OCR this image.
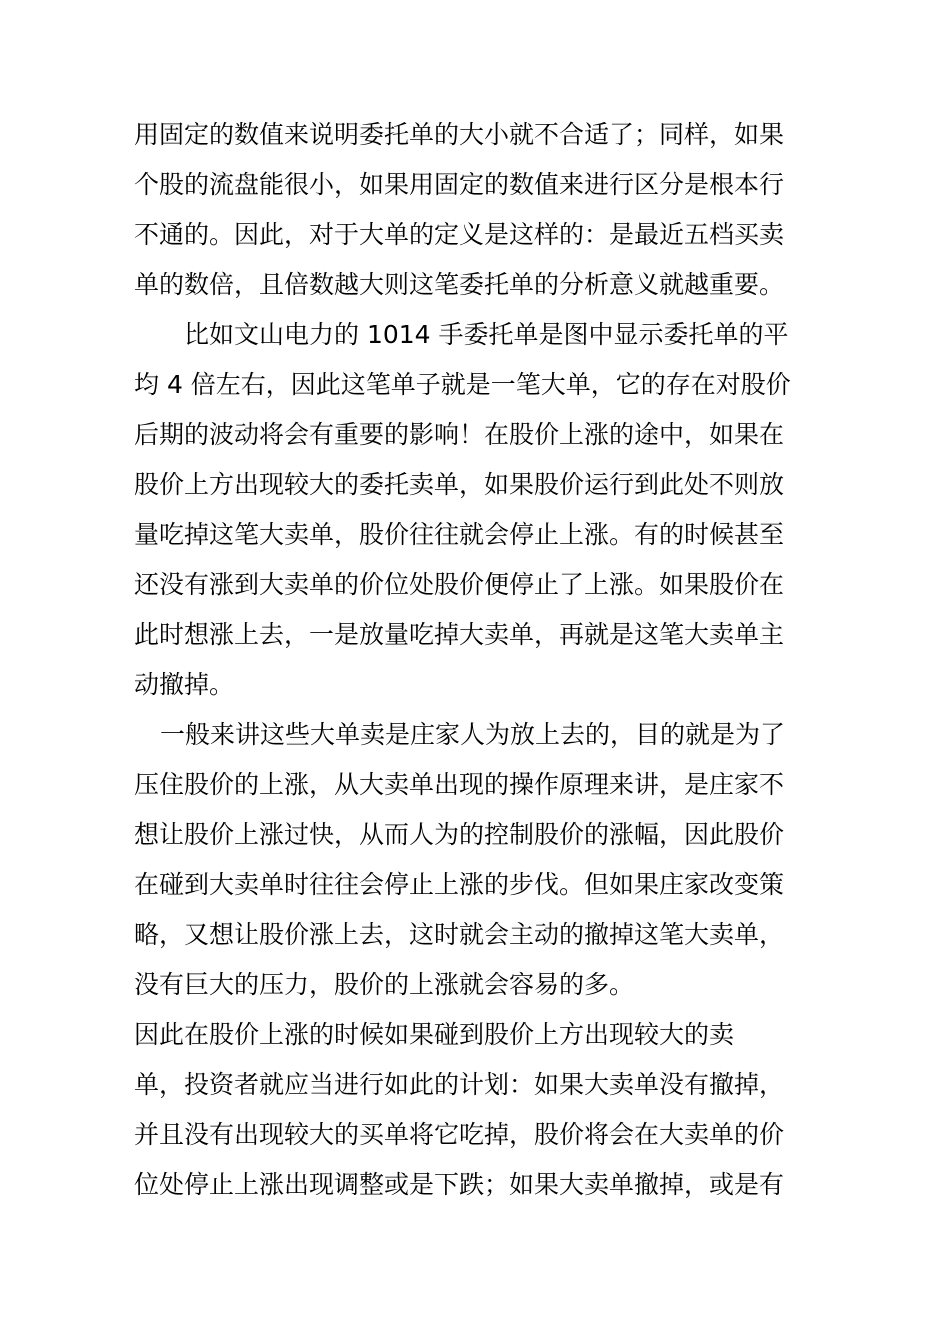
用固定的数值来说明委托单的大小就不合适了；同样，如果
个股的流盘能很小，如果用固定的数值来进行区分是根本行
不通的。因此，对于大单的定义是这样的：是最近五档买卖
单的数倍，且倍数越大则这笔委托单的分析意义就越重要。
比如文山电力的 1014 手委托单是图中显示委托单的平
均 4 倍左右，因此这笔单子就是一笔大单，它的存在对股价
后期的波动将会有重要的影响！在股价上涨的途中，如果在
股价上方出现较大的委托卖单，如果股价运行到此处不则放
量吃掉这笔大卖单，股价往往就会停止上涨。有的时候甚至
还没有涨到大卖单的价位处股价便停止了上涨。如果股价在
此时想涨上去，一是放量吃掉大卖单，再就是这笔大卖单主
动撤掉。
一般来讲这些大单卖是庄家人为放上去的，目的就是为了
压住股价的上涨，从大卖单出现的操作原理来讲，是庄家不
想让股价上涨过快，从而人为的控制股价的涨幅，因此股价
在碰到大卖单时往往会停止上涨的步伐。但如果庄家改变策
略，又想让股价涨上去，这时就会主动的撤掉这笔大卖单，
没有巨大的压力，股价的上涨就会容易的多。
因此在股价上涨的时候如果碰到股价上方出现较大的卖
单，投资者就应当进行如此的计划：如果大卖单没有撤掉，
并且没有出现较大的买单将它吃掉，股价将会在大卖单的价
位处停止上涨出现调整或是下跌；如果大卖单撤掉，或是有
